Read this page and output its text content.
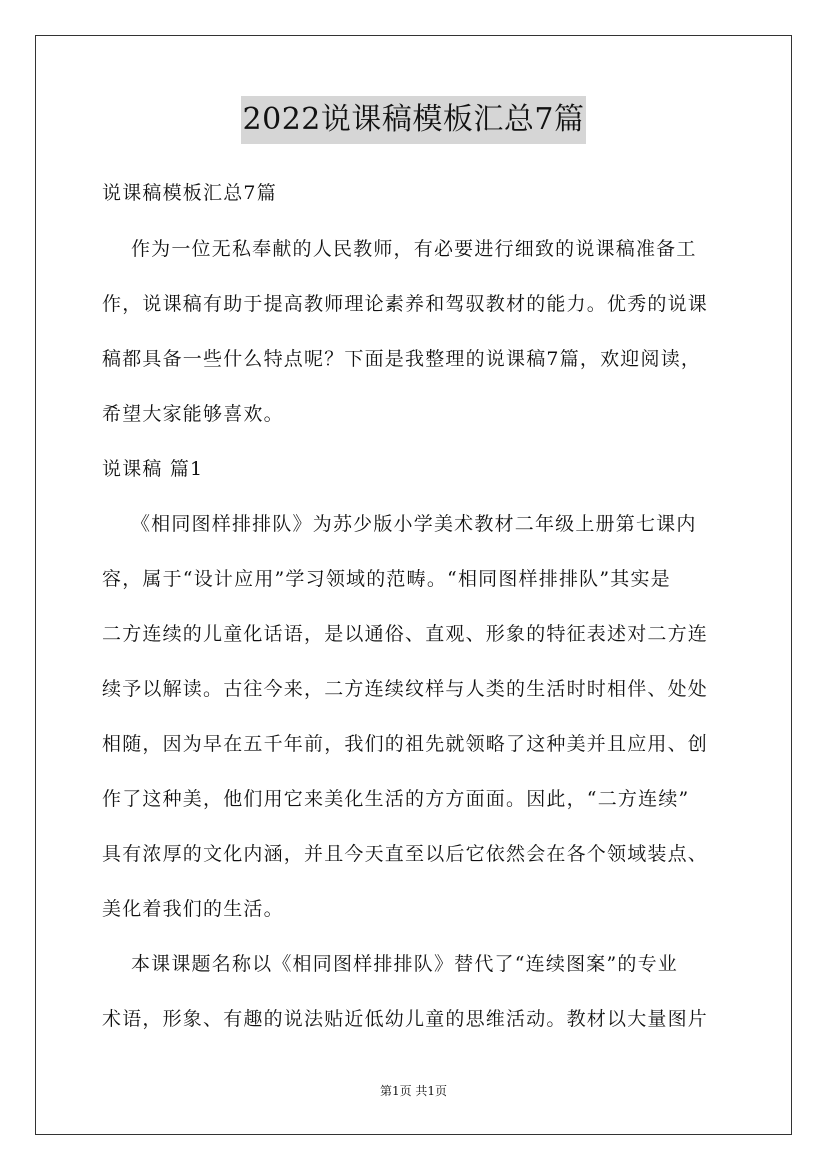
2022说课稿模板汇总7篇
说课稿模板汇总7篇
作为一位无私奉献的人民教师，有必要进行细致的说课稿准备工
作，说课稿有助于提高教师理论素养和驾驭教材的能力。优秀的说课
稿都具备一些什么特点呢？下面是我整理的说课稿7篇，欢迎阅读，
希望大家能够喜欢。
说课稿 篇1
《相同图样排排队》为苏少版小学美术教材二年级上册第七课内
容，属于“设计应用”学习领域的范畴。“相同图样排排队”其实是
二方连续的儿童化话语，是以通俗、直观、形象的特征表述对二方连
续予以解读。古往今来，二方连续纹样与人类的生活时时相伴、处处
相随，因为早在五千年前，我们的祖先就领略了这种美并且应用、创
作了这种美，他们用它来美化生活的方方面面。因此，“二方连续”
具有浓厚的文化内涵，并且今天直至以后它依然会在各个领域装点、
美化着我们的生活。
本课课题名称以《相同图样排排队》替代了“连续图案”的专业
术语，形象、有趣的说法贴近低幼儿童的思维活动。教材以大量图片
第1页 共1页
